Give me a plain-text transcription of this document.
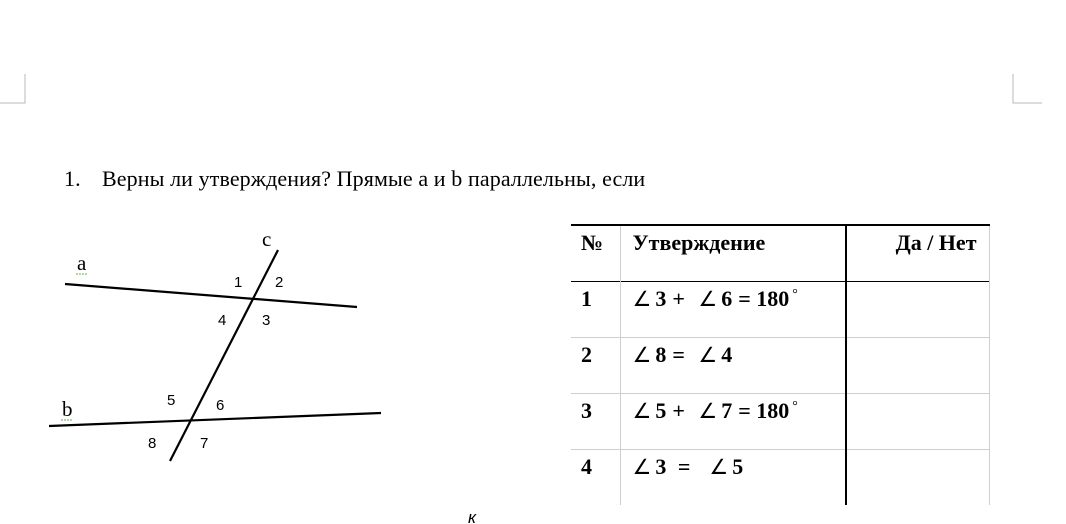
1. Верны ли утверждения? Прямые a и b параллельны, если
a
b
c
1 2
3
4
5	6
7
8
№	Утверждение	Да / Нет

1	∠ 3 + ∠ 6 = 180 °

2	∠ 8 = ∠ 4	

3	∠ 5 + ∠ 7 = 180 °

4	∠ 3 =  ∠ 5	

к
